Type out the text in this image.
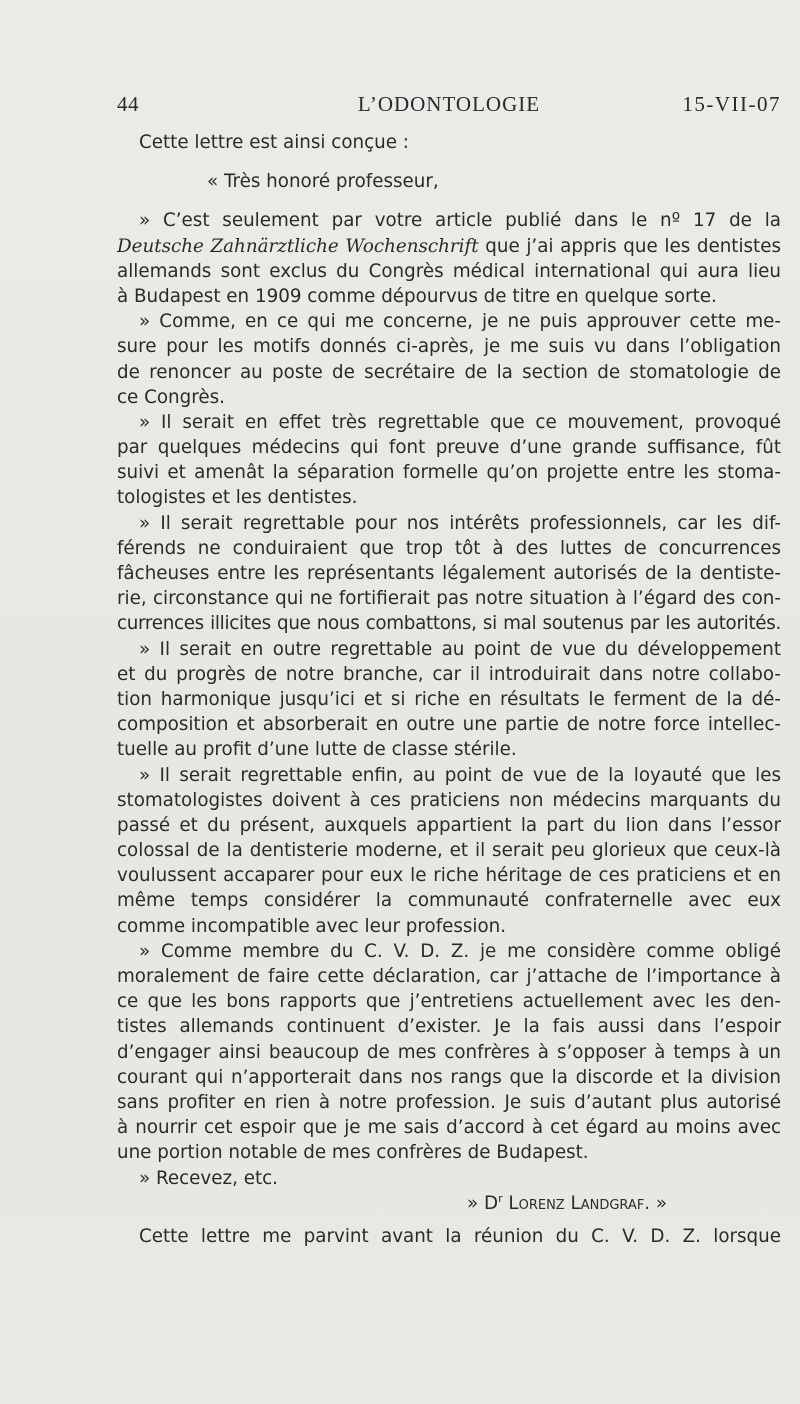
44	L’ODONTOLOGIE	15-VII-07
Cette lettre est ainsi conçue :
« Très honoré professeur,
» C’est seulement par votre article publié dans le nº 17 de la
Deutsche Zahnärztliche Wochenschrift que j’ai appris que les dentistes
allemands sont exclus du Congrès médical international qui aura lieu
à Budapest en 1909 comme dépourvus de titre en quelque sorte.
» Comme, en ce qui me concerne, je ne puis approuver cette me-
sure pour les motifs donnés ci-après, je me suis vu dans l’obligation
de renoncer au poste de secrétaire de la section de stomatologie de
ce Congrès.
» Il serait en effet très regrettable que ce mouvement, provoqué
par quelques médecins qui font preuve d’une grande suffisance, fût
suivi et amenât la séparation formelle qu’on projette entre les stoma-
tologistes et les dentistes.
» Il serait regrettable pour nos intérêts professionnels, car les dif-
férends ne conduiraient que trop tôt à des luttes de concurrences
fâcheuses entre les représentants légalement autorisés de la dentiste-
rie, circonstance qui ne fortifierait pas notre situation à l’égard des con-
currences illicites que nous combattons, si mal soutenus par les autorités.
» Il serait en outre regrettable au point de vue du développement
et du progrès de notre branche, car il introduirait dans notre collabo-
tion harmonique jusqu’ici et si riche en résultats le ferment de la dé-
composition et absorberait en outre une partie de notre force intellec-
tuelle au profit d’une lutte de classe stérile.
» Il serait regrettable enfin, au point de vue de la loyauté que les
stomatologistes doivent à ces praticiens non médecins marquants du
passé et du présent, auxquels appartient la part du lion dans l’essor
colossal de la dentisterie moderne, et il serait peu glorieux que ceux-là
voulussent accaparer pour eux le riche héritage de ces praticiens et en
même temps considérer la communauté confraternelle avec eux
comme incompatible avec leur profession.
» Comme membre du C. V. D. Z. je me considère comme obligé
moralement de faire cette déclaration, car j’attache de l’importance à
ce que les bons rapports que j’entretiens actuellement avec les den-
tistes allemands continuent d’exister. Je la fais aussi dans l’espoir
d’engager ainsi beaucoup de mes confrères à s’opposer à temps à un
courant qui n’apporterait dans nos rangs que la discorde et la division
sans profiter en rien à notre profession. Je suis d’autant plus autorisé
à nourrir cet espoir que je me sais d’accord à cet égard au moins avec
une portion notable de mes confrères de Budapest.
» Recevez, etc.
» $D^r$ Lorenz Landgraf. »
Cette lettre me parvint avant la réunion du C. V. D. Z. lorsque
